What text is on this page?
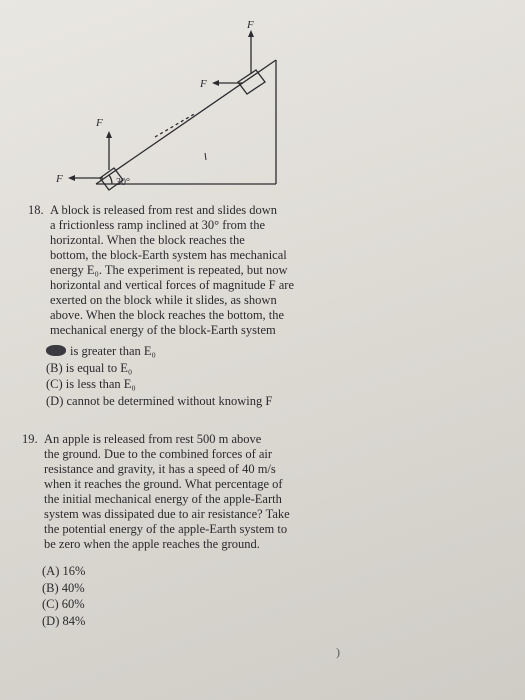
F
F
F
F	30°
18. A block is released from rest and slides down
a frictionless ramp inclined at 30° from the
horizontal. When the block reaches the
bottom, the block-Earth system has mechanical
energy E₀. The experiment is repeated, but now
horizontal and vertical forces of magnitude F are
exerted on the block while it slides, as shown
above. When the block reaches the bottom, the
mechanical energy of the block-Earth system
is greater than E₀
(B) is equal to E₀
(C) is less than E₀
(D) cannot be determined without knowing F
19. An apple is released from rest 500 m above
the ground. Due to the combined forces of air
resistance and gravity, it has a speed of 40 m/s
when it reaches the ground. What percentage of
the initial mechanical energy of the apple-Earth
system was dissipated due to air resistance? Take
the potential energy of the apple-Earth system to
be zero when the apple reaches the ground.
(A) 16%
(B) 40%
(C) 60%
(D) 84%
)
